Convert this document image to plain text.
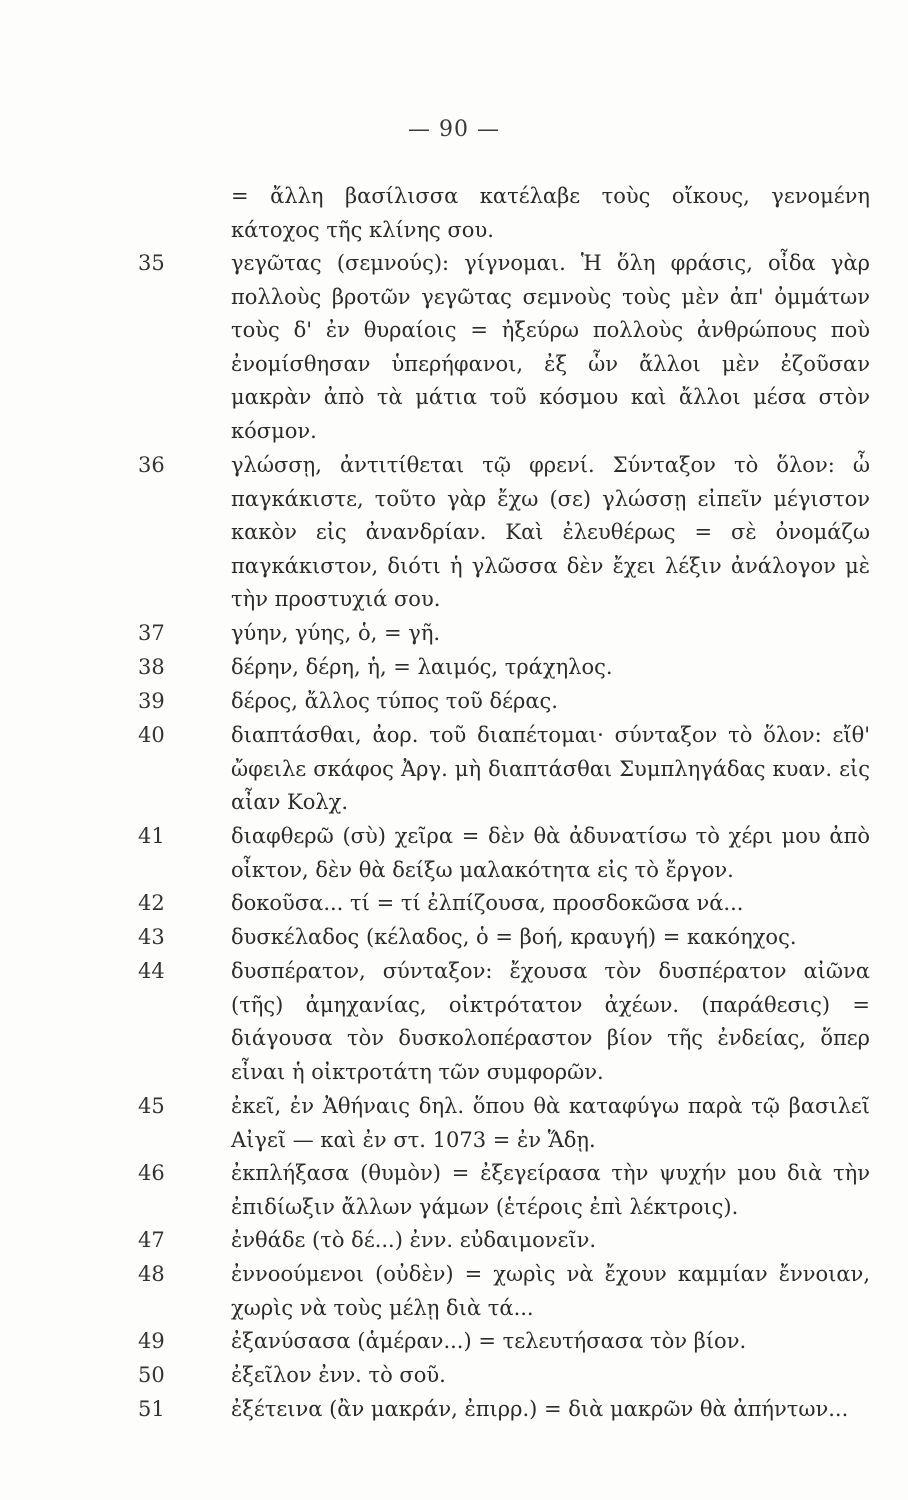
— 90 —
= ἄλλη βασίλισσα κατέλαβε τοὺς οἴκους, γενομένη κάτοχος τῆς κλίνης σου.
35	γεγῶτας (σεμνούς): γίγνομαι. Ἡ ὅλη φράσις, οἶδα γὰρ πολλοὺς βροτῶν γεγῶτας σεμνοὺς τοὺς μὲν ἀπ' ὀμμάτων τοὺς δ' ἐν θυραίοις = ἠξεύρω πολλοὺς ἀνθρώπους ποὺ ἐνομίσθησαν ὑπερήφανοι, ἐξ ὧν ἄλλοι μὲν ἐζοῦσαν μακρὰν ἀπὸ τὰ μάτια τοῦ κόσμου καὶ ἄλλοι μέσα στὸν κόσμον.
36	γλώσσῃ, ἀντιτίθεται τῷ φρενί. Σύνταξον τὸ ὅλον: ὦ παγκάκιστε, τοῦτο γὰρ ἔχω (σε) γλώσσῃ εἰπεῖν μέγιστον κακὸν εἰς ἀνανδρίαν. Καὶ ἐλευθέρως = σὲ ὀνομάζω παγκάκιστον, διότι ἡ γλῶσσα δὲν ἔχει λέξιν ἀνάλογον μὲ τὴν προστυχιά σου.
37	γύην, γύης, ὁ, = γῆ.
38	δέρην, δέρη, ἡ, = λαιμός, τράχηλος.
39	δέρος, ἄλλος τύπος τοῦ δέρας.
40	διαπτάσθαι, ἀορ. τοῦ διαπέτομαι· σύνταξον τὸ ὅλον: εἴθ' ὤφειλε σκάφος Ἀργ. μὴ διαπτάσθαι Συμπληγάδας κυαν. εἰς αἶαν Κολχ.
41	διαφθερῶ (σὺ) χεῖρα = δὲν θὰ ἀδυνατίσω τὸ χέρι μου ἀπὸ οἶκτον, δὲν θὰ δείξω μαλακότητα εἰς τὸ ἔργον.
42	δοκοῦσα... τί = τί ἐλπίζουσα, προσδοκῶσα νά...
43	δυσκέλαδος (κέλαδος, ὁ = βοή, κραυγή) = κακόηχος.
44	δυσπέρατον, σύνταξον: ἔχουσα τὸν δυσπέρατον αἰῶνα (τῆς) ἀμηχανίας, οἰκτρότατον ἀχέων. (παράθεσις) = διάγουσα τὸν δυσκολοπέραστον βίον τῆς ἐνδείας, ὅπερ εἶναι ἡ οἰκτροτάτη τῶν συμφορῶν.
45	ἐκεῖ, ἐν Ἀθήναις δηλ. ὅπου θὰ καταφύγω παρὰ τῷ βασιλεῖ Αἰγεῖ — καὶ ἐν στ. 1073 = ἐν Ἅδῃ.
46	ἐκπλήξασα (θυμὸν) = ἐξεγείρασα τὴν ψυχήν μου διὰ τὴν ἐπιδίωξιν ἄλλων γάμων (ἑτέροις ἐπὶ λέκτροις).
47	ἐνθάδε (τὸ δέ...) ἐνν. εὐδαιμονεῖν.
48	ἐννοούμενοι (οὐδὲν) = χωρὶς νὰ ἔχουν καμμίαν ἔννοιαν, χωρὶς νὰ τοὺς μέλῃ διὰ τά...
49	ἐξανύσασα (ἁμέραν...) = τελευτήσασα τὸν βίον.
50	ἐξεῖλον ἐνν. τὸ σοῦ.
51	ἐξέτεινα (ἂν μακράν, ἐπιρρ.) = διὰ μακρῶν θὰ ἀπήντων...
